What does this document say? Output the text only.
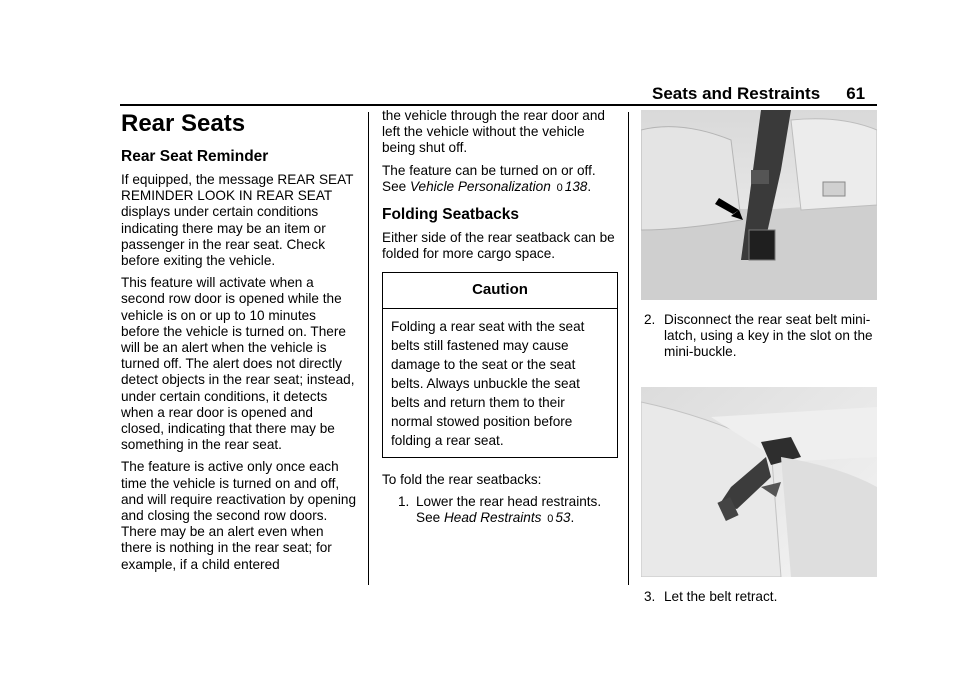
Seats and Restraints 61
Rear Seats
Rear Seat Reminder

If equipped, the message REAR SEAT REMINDER LOOK IN REAR SEAT displays under certain conditions indicating there may be an item or passenger in the rear seat. Check before exiting the vehicle.

This feature will activate when a second row door is opened while the vehicle is on or up to 10 minutes before the vehicle is turned on. There will be an alert when the vehicle is turned off. The alert does not directly detect objects in the rear seat; instead, under certain conditions, it detects when a rear door is opened and closed, indicating that there may be something in the rear seat.

The feature is active only once each time the vehicle is turned on and off, and will require reactivation by opening and closing the second row doors. There may be an alert even when there is nothing in the rear seat; for example, if a child entered

the vehicle through the rear door and left the vehicle without the vehicle being shut off.

The feature can be turned on or off. See Vehicle Personalization 0 138.

Folding Seatbacks

Either side of the rear seatback can be folded for more cargo space.

Caution
Folding a rear seat with the seat belts still fastened may cause damage to the seat or the seat belts. Always unbuckle the seat belts and return them to their normal stowed position before folding a rear seat.

To fold the rear seatbacks:

1. Lower the rear head restraints.
See Head Restraints 0 53.
2. Disconnect the rear seat belt mini-latch, using a key in the slot on the mini-buckle.
3. Let the belt retract.
